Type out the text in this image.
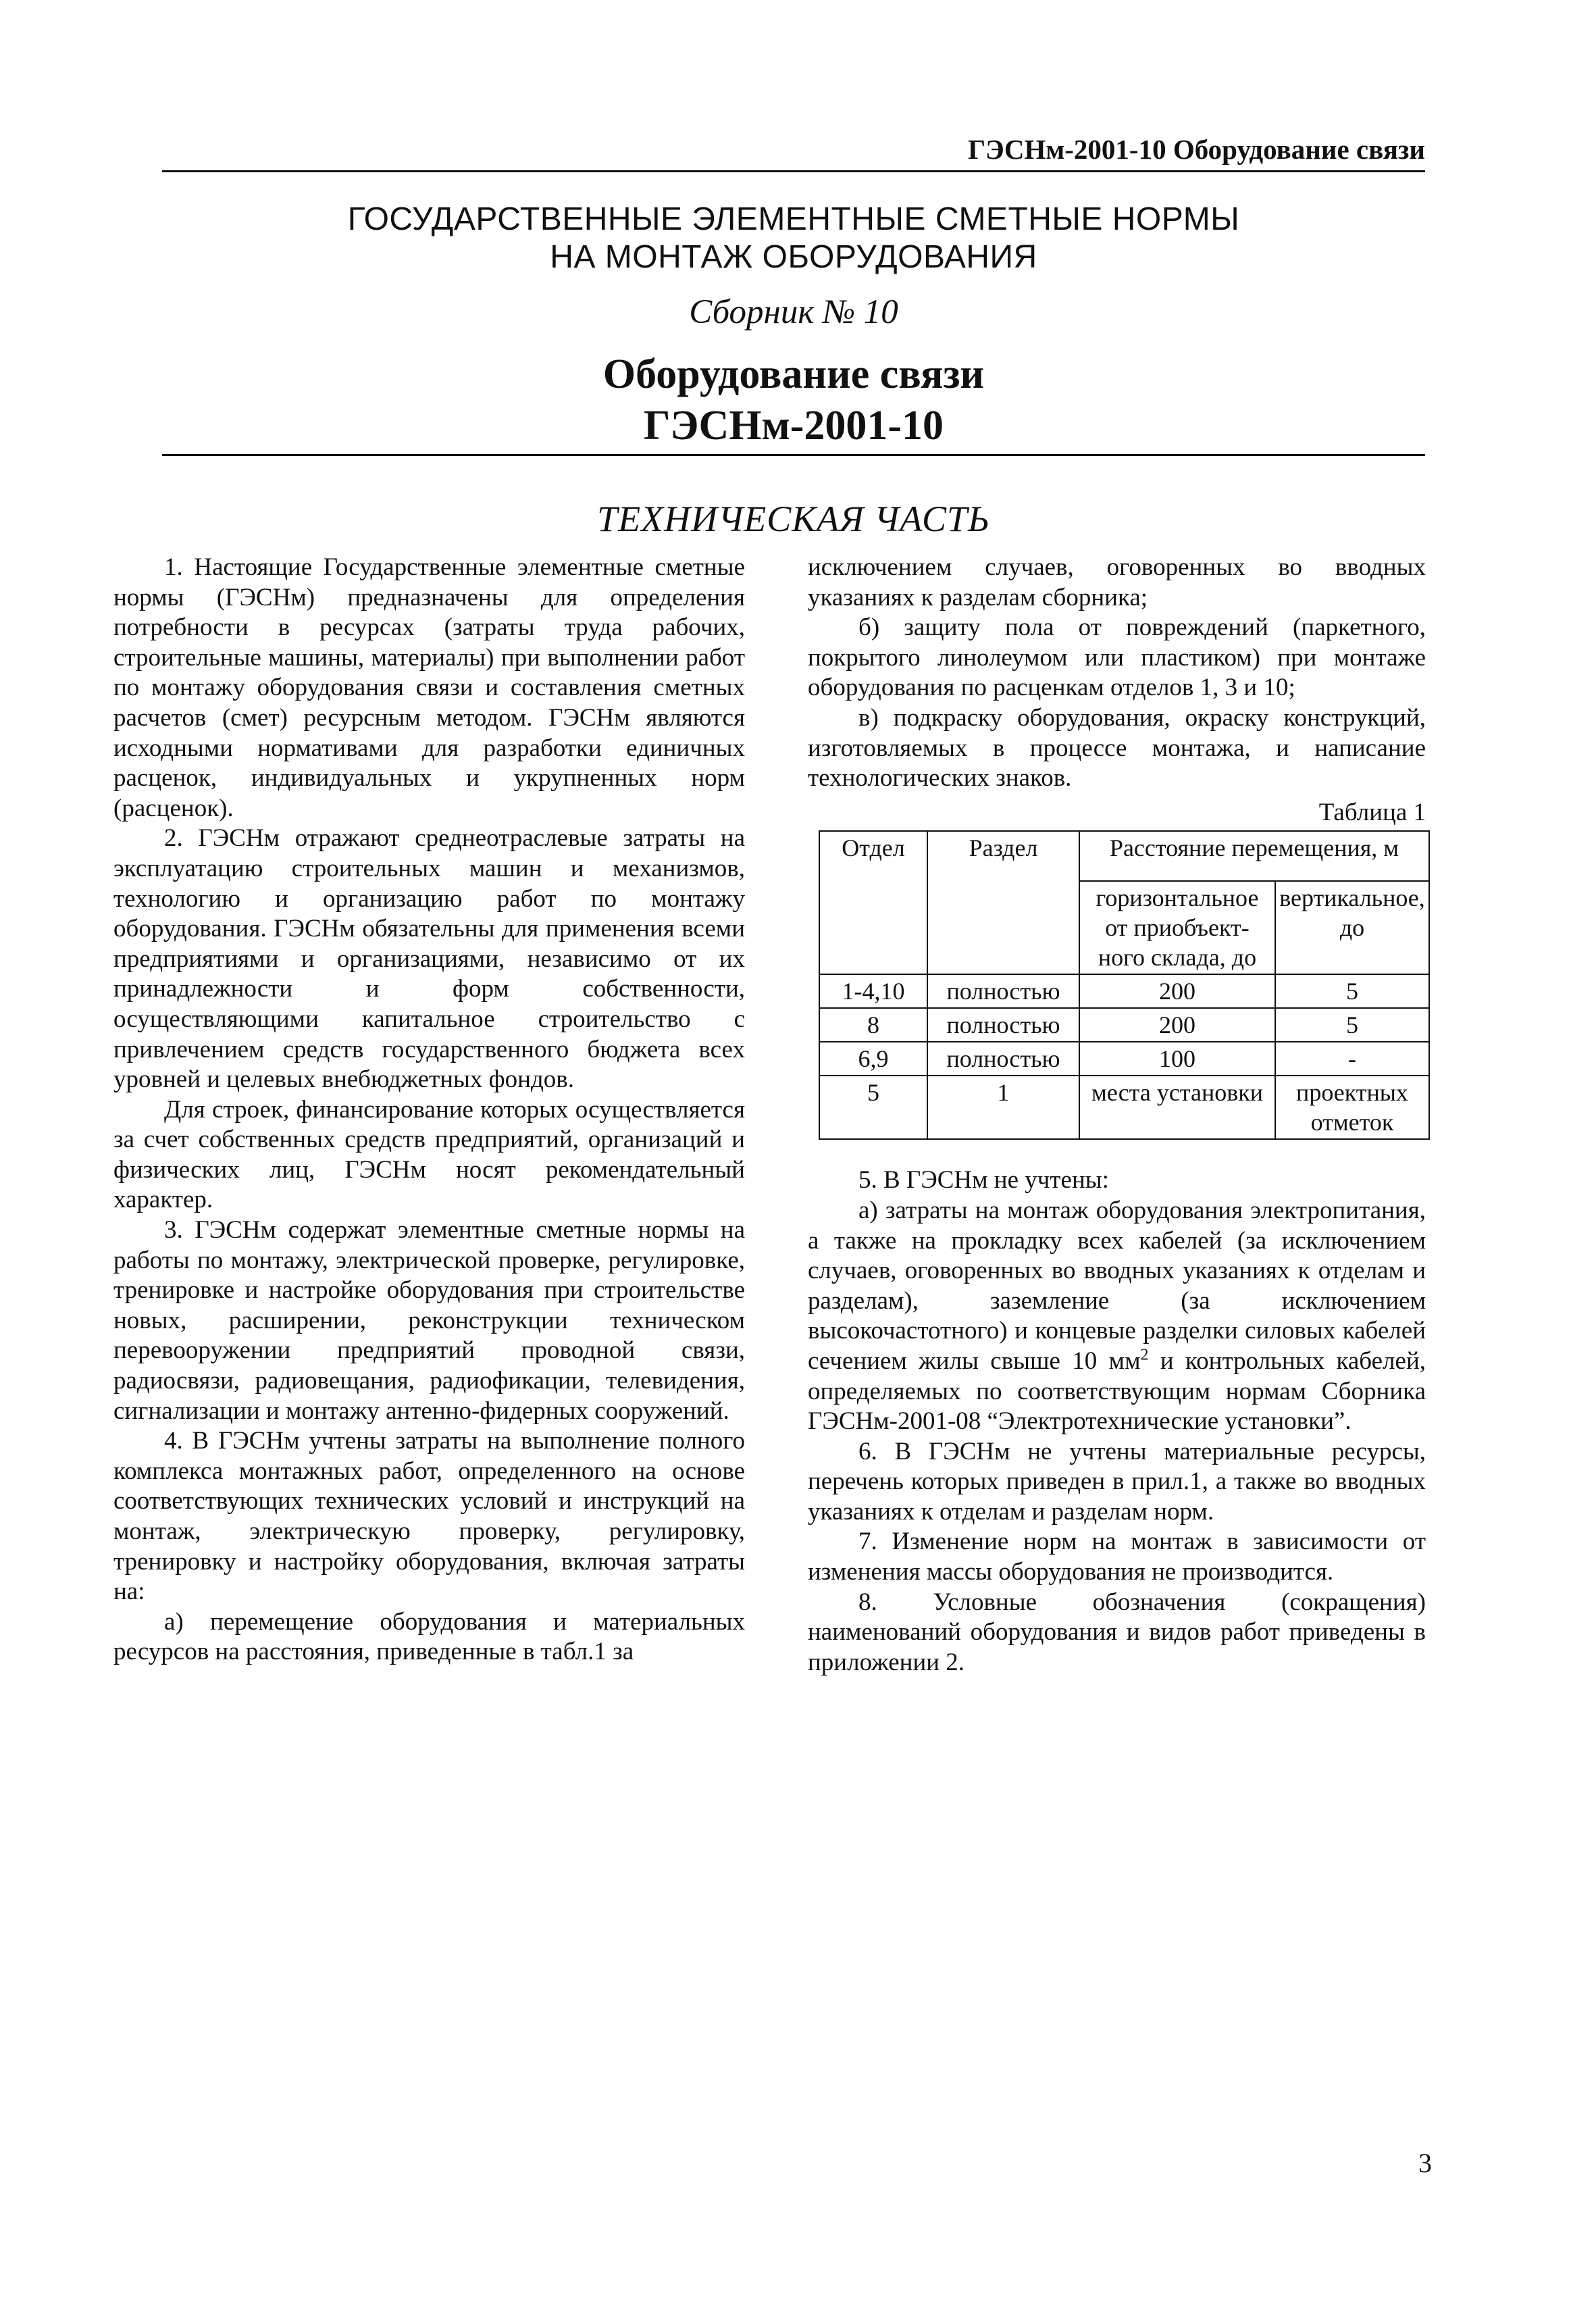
ГЭСНм-2001-10 Оборудование связи
ГОСУДАРСТВЕННЫЕ ЭЛЕМЕНТНЫЕ СМЕТНЫЕ НОРМЫ
НА МОНТАЖ ОБОРУДОВАНИЯ
Сборник № 10
Оборудование связи
ГЭСНм-2001-10
ТЕХНИЧЕСКАЯ ЧАСТЬ

1. Настоящие Государственные элементные сметные нормы (ГЭСНм) предназначены для определения потребности в ресурсах (затраты труда рабочих, строительные машины, материалы) при выполнении работ по монтажу оборудования связи и составления сметных расчетов (смет) ресурсным методом. ГЭСНм являются исходными нормативами для разработки единичных расценок, индивидуальных и укрупненных норм (расценок).

2. ГЭСНм отражают среднеотраслевые затраты на эксплуатацию строительных машин и механизмов, технологию и организацию работ по монтажу оборудования. ГЭСНм обязательны для применения всеми предприятиями и организациями, независимо от их принадлежности и форм собственности, осуществляющими капитальное строительство с привлечением средств государственного бюджета всех уровней и целевых внебюджетных фондов.

Для строек, финансирование которых осуществляется за счет собственных средств предприятий, организаций и физических лиц, ГЭСНм носят рекомендательный характер.

3. ГЭСНм содержат элементные сметные нормы на работы по монтажу, электрической проверке, регулировке, тренировке и настройке оборудования при строительстве новых, расширении, реконструкции техническом перевооружении предприятий проводной связи, радиосвязи, радиовещания, радиофикации, телевидения, сигнализации и монтажу антенно-фидерных сооружений.

4. В ГЭСНм учтены затраты на выполнение полного комплекса монтажных работ, определенного на основе соответствующих технических условий и инструкций на монтаж, электрическую проверку, регулировку, тренировку и настройку оборудования, включая затраты на:

а) перемещение оборудования и материальных ресурсов на расстояния, приведенные в табл.1 за

исключением случаев, оговоренных во вводных указаниях к разделам сборника;

б) защиту пола от повреждений (паркетного, покрытого линолеумом или пластиком) при монтаже оборудования по расценкам отделов 1, 3 и 10;

в) подкраску оборудования, окраску конструкций, изготовляемых в процессе монтажа, и написание технологических знаков.

Таблица 1
Отдел	Раздел	Расстояние перемещения, м	
		горизонтальное от приобъект-ного склада, до	вертикальное, до
1-4,10	полностью	200	5
8	полностью	200	5
6,9	полностью	100	-
5	1	места установки	проектных отметок

5. В ГЭСНм не учтены:

а) затраты на монтаж оборудования электропитания, а также на прокладку всех кабелей (за исключением случаев, оговоренных во вводных указаниях к отделам и разделам), заземление (за исключением высокочастотного) и концевые разделки силовых кабелей сечением жилы свыше 10 $мм^2$ и контрольных кабелей, определяемых по соответствующим нормам Сборника ГЭСНм-2001-08 “Электротехнические установки”.

6. В ГЭСНм не учтены материальные ресурсы, перечень которых приведен в прил.1, а также во вводных указаниях к отделам и разделам норм.

7. Изменение норм на монтаж в зависимости от изменения массы оборудования не производится.

8. Условные обозначения (сокращения) наименований оборудования и видов работ приведены в приложении 2.

3
